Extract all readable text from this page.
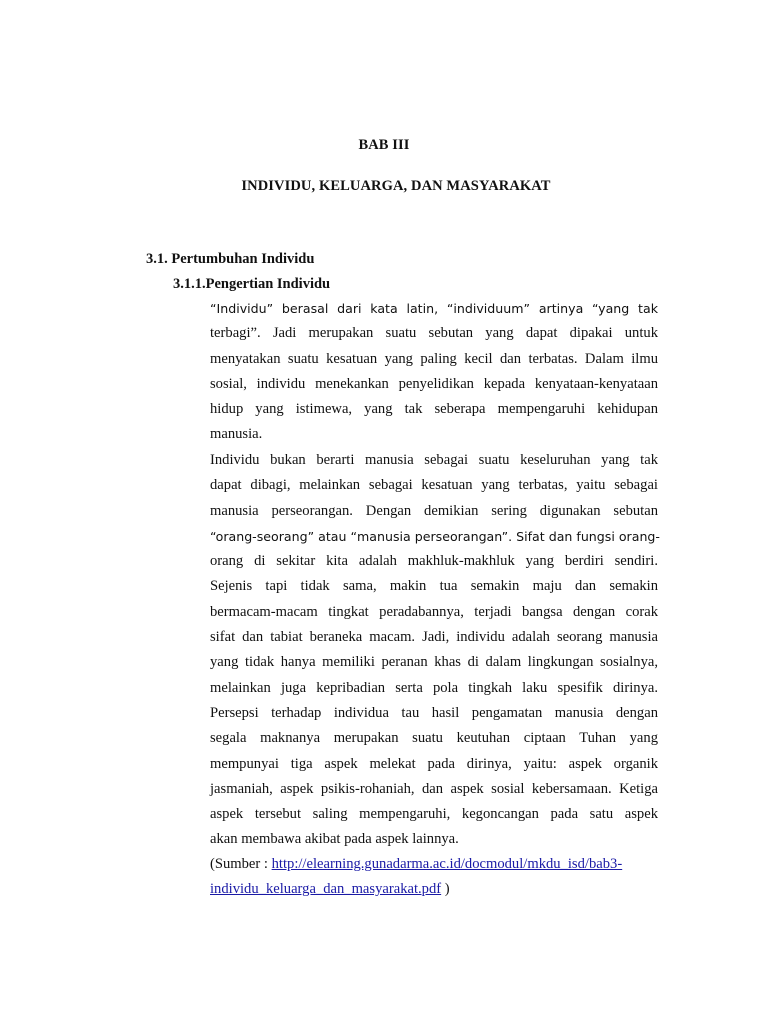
BAB III
INDIVIDU, KELUARGA, DAN MASYARAKAT
3.1. Pertumbuhan Individu
3.1.1.Pengertian Individu
“Individu” berasal dari kata latin, “individuum” artinya “yang tak
terbagi”. Jadi merupakan suatu sebutan yang dapat dipakai untuk
menyatakan suatu kesatuan yang paling kecil dan terbatas. Dalam ilmu
sosial, individu menekankan penyelidikan kepada kenyataan-kenyataan
hidup yang istimewa, yang tak seberapa mempengaruhi kehidupan
manusia.
Individu bukan berarti manusia sebagai suatu keseluruhan yang tak
dapat dibagi, melainkan sebagai kesatuan yang terbatas, yaitu sebagai
manusia perseorangan. Dengan demikian sering digunakan sebutan
“orang-seorang” atau “manusia perseorangan”. Sifat dan fungsi orang-
orang di sekitar kita adalah makhluk-makhluk yang berdiri sendiri.
Sejenis tapi tidak sama, makin tua semakin maju dan semakin
bermacam-macam tingkat peradabannya, terjadi bangsa dengan corak
sifat dan tabiat beraneka macam. Jadi, individu adalah seorang manusia
yang tidak hanya memiliki peranan khas di dalam lingkungan sosialnya,
melainkan juga kepribadian serta pola tingkah laku spesifik dirinya.
Persepsi terhadap individua tau hasil pengamatan manusia dengan
segala maknanya merupakan suatu keutuhan ciptaan Tuhan yang
mempunyai tiga aspek melekat pada dirinya, yaitu: aspek organik
jasmaniah, aspek psikis-rohaniah, dan aspek sosial kebersamaan. Ketiga
aspek tersebut saling mempengaruhi, kegoncangan pada satu aspek
akan membawa akibat pada aspek lainnya.
(Sumber : http://elearning.gunadarma.ac.id/docmodul/mkdu_isd/bab3-
individu_keluarga_dan_masyarakat.pdf )
